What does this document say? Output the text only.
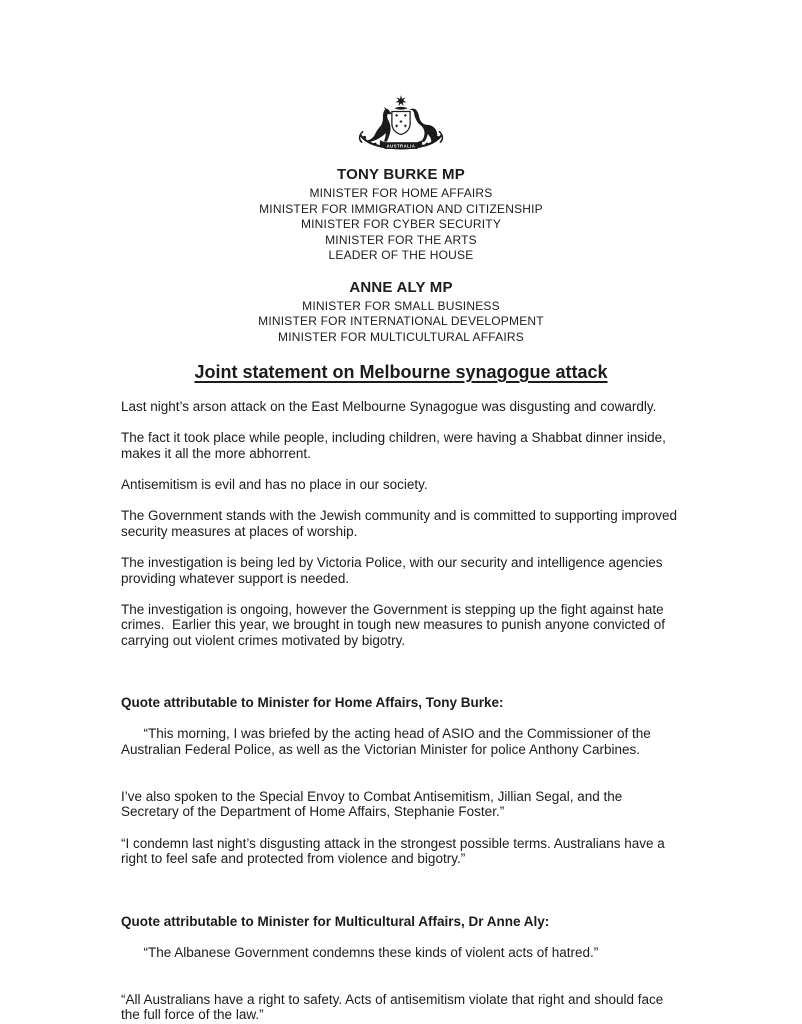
AUSTRALIA
TONY BURKE MP
MINISTER FOR HOME AFFAIRS
MINISTER FOR IMMIGRATION AND CITIZENSHIP
MINISTER FOR CYBER SECURITY
MINISTER FOR THE ARTS
LEADER OF THE HOUSE
ANNE ALY MP
MINISTER FOR SMALL BUSINESS
MINISTER FOR INTERNATIONAL DEVELOPMENT
MINISTER FOR MULTICULTURAL AFFAIRS
Joint statement on Melbourne synagogue attack

Last night’s arson attack on the East Melbourne Synagogue was disgusting and cowardly.

The fact it took place while people, including children, were having a Shabbat dinner inside, makes it all the more abhorrent.

Antisemitism is evil and has no place in our society.

The Government stands with the Jewish community and is committed to supporting improved security measures at places of worship.

The investigation is being led by Victoria Police, with our security and intelligence agencies providing whatever support is needed.

The investigation is ongoing, however the Government is stepping up the fight against hate crimes.  Earlier this year, we brought in tough new measures to punish anyone convicted of carrying out violent crimes motivated by bigotry.

Quote attributable to Minister for Home Affairs, Tony Burke:

“This morning, I was briefed by the acting head of ASIO and the Commissioner of the Australian Federal Police, as well as the Victorian Minister for police Anthony Carbines.

I’ve also spoken to the Special Envoy to Combat Antisemitism, Jillian Segal, and the Secretary of the Department of Home Affairs, Stephanie Foster.”

“I condemn last night’s disgusting attack in the strongest possible terms. Australians have a right to feel safe and protected from violence and bigotry.”

Quote attributable to Minister for Multicultural Affairs, Dr Anne Aly:

“The Albanese Government condemns these kinds of violent acts of hatred.”

“All Australians have a right to safety. Acts of antisemitism violate that right and should face the full force of the law.”
